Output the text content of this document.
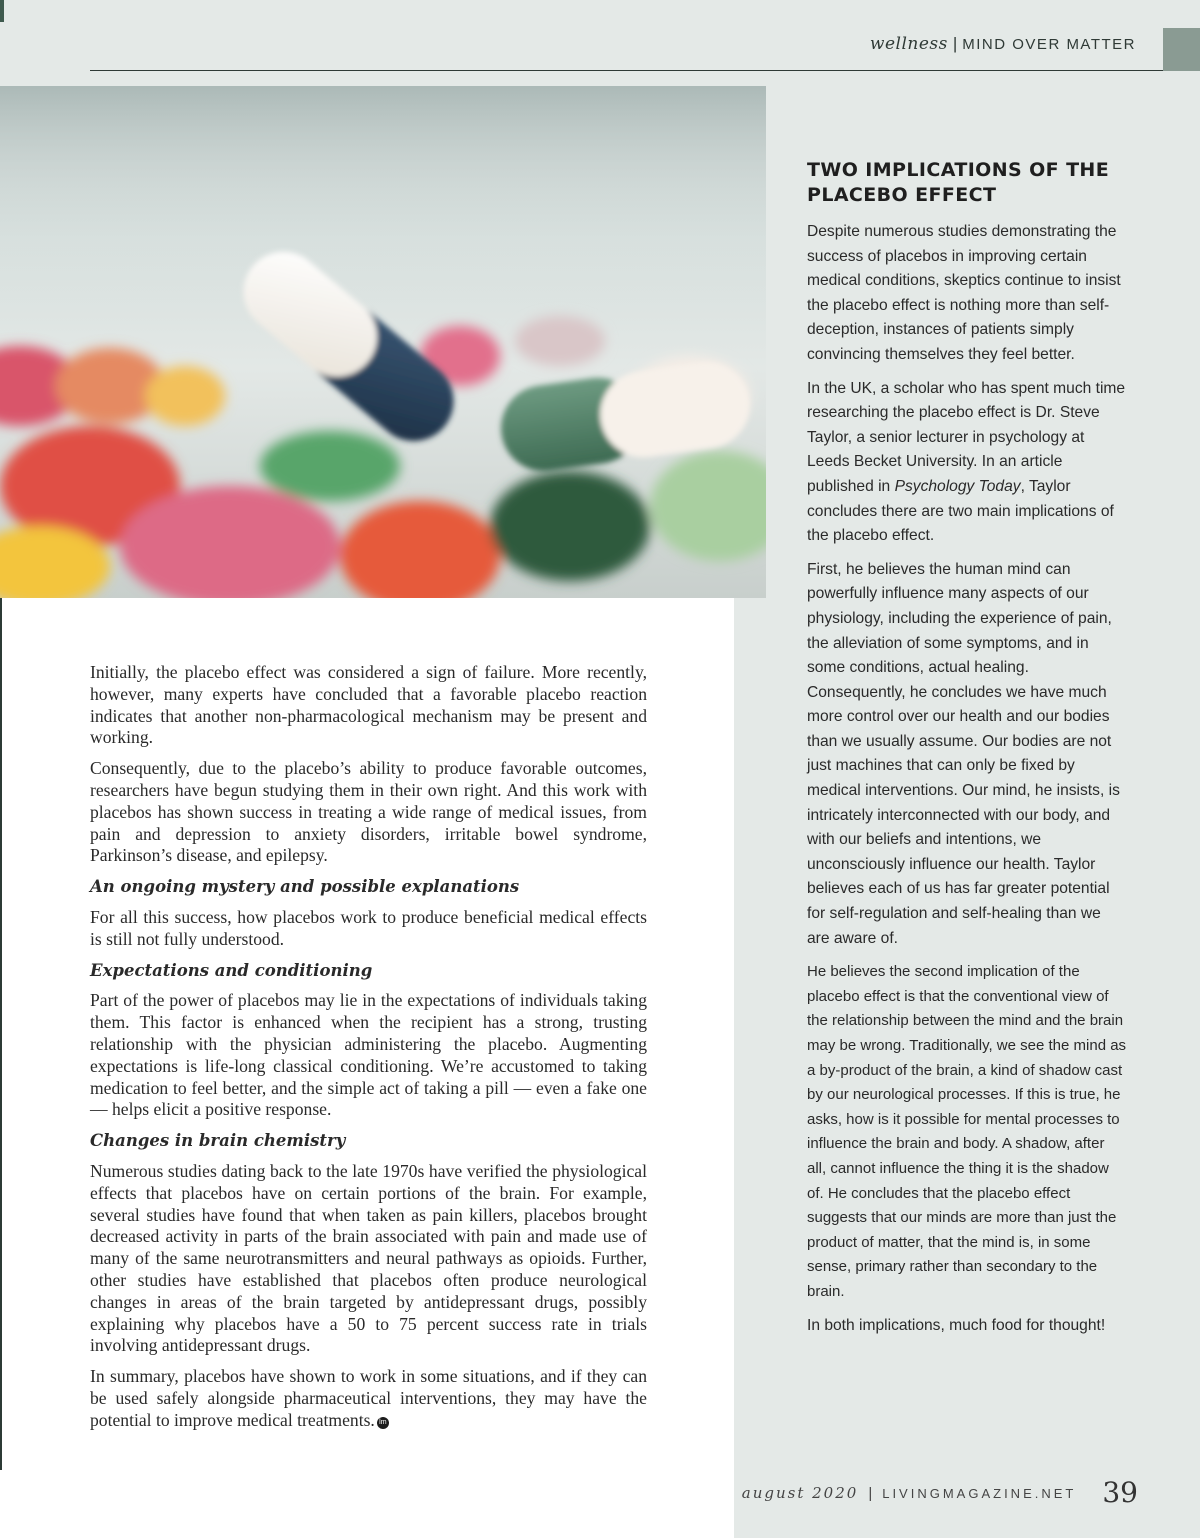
wellness | MIND OVER MATTER

Initially, the placebo effect was considered a sign of failure. More recently, however, many experts have concluded that a favorable placebo reaction indicates that another non-pharmacological mechanism may be present and working.

Consequently, due to the placebo’s ability to produce favorable outcomes, researchers have begun studying them in their own right. And this work with placebos has shown success in treating a wide range of medical issues, from pain and depression to anxiety disorders, irritable bowel syndrome, Parkinson’s disease, and epilepsy.

An ongoing mystery and possible explanations

For all this success, how placebos work to produce beneficial medical effects is still not fully understood.

Expectations and conditioning

Part of the power of placebos may lie in the expectations of individuals taking them. This factor is enhanced when the recipient has a strong, trusting relationship with the physician administering the placebo. Augmenting expectations is life-long classical conditioning. We’re accustomed to taking medication to feel better, and the simple act of taking a pill — even a fake one — helps elicit a positive response.

Changes in brain chemistry

Numerous studies dating back to the late 1970s have verified the physiological effects that placebos have on certain portions of the brain. For example, several studies have found that when taken as pain killers, placebos brought decreased activity in parts of the brain associated with pain and made use of many of the same neurotransmitters and neural pathways as opioids. Further, other studies have established that placebos often produce neurological changes in areas of the brain targeted by antidepressant drugs, possibly explaining why placebos have a 50 to 75 percent success rate in trials involving antidepressant drugs.

In summary, placebos have shown to work in some situations, and if they can be used safely alongside pharmaceutical interventions, they may have the potential to improve medical treatments. lm

TWO IMPLICATIONS OF THE PLACEBO EFFECT

Despite numerous studies demonstrating the success of placebos in improving certain medical conditions, skeptics continue to insist the placebo effect is nothing more than self-deception, instances of patients simply convincing themselves they feel better.

In the UK, a scholar who has spent much time researching the placebo effect is Dr. Steve Taylor, a senior lecturer in psychology at Leeds Becket University. In an article published in Psychology Today, Taylor concludes there are two main implications of the placebo effect.

First, he believes the human mind can powerfully influence many aspects of our physiology, including the experience of pain, the alleviation of some symptoms, and in some conditions, actual healing. Consequently, he concludes we have much more control over our health and our bodies than we usually assume. Our bodies are not just machines that can only be fixed by medical interventions. Our mind, he insists, is intricately interconnected with our body, and with our beliefs and intentions, we unconsciously influence our health. Taylor believes each of us has far greater potential for self-regulation and self-healing than we are aware of.

He believes the second implication of the placebo effect is that the conventional view of the relationship between the mind and the brain may be wrong. Traditionally, we see the mind as a by-product of the brain, a kind of shadow cast by our neurological processes. If this is true, he asks, how is it possible for mental processes to influence the brain and body. A shadow, after all, cannot influence the thing it is the shadow of. He concludes that the placebo effect suggests that our minds are more than just the product of matter, that the mind is, in some sense, primary rather than secondary to the brain.

In both implications, much food for thought!

august 2020 | LIVINGMAGAZINE.NET 39
